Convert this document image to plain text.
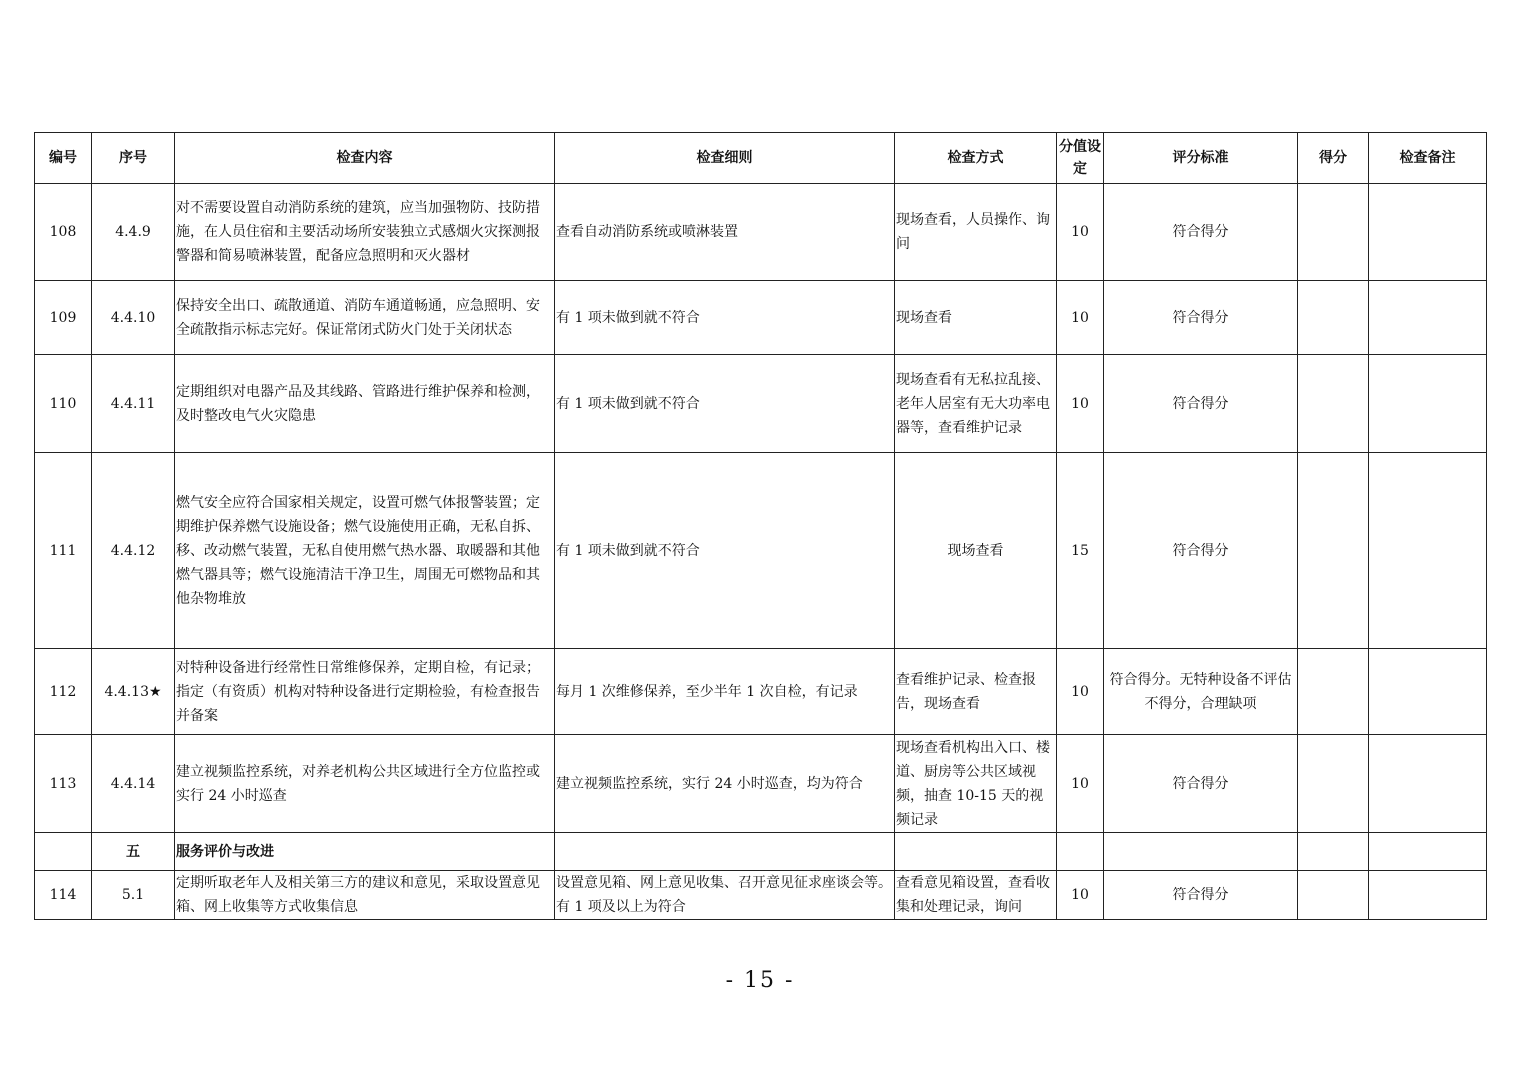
编号	序号	检查内容	检查细则	检查方式	分值设定	评分标准	得分	检查备注
108	4.4.9	对不需要设置自动消防系统的建筑，应当加强物防、技防措施，在人员住宿和主要活动场所安装独立式感烟火灾探测报警器和简易喷淋装置，配备应急照明和灭火器材	查看自动消防系统或喷淋装置	现场查看，人员操作、询问	10	符合得分		
109	4.4.10	保持安全出口、疏散通道、消防车通道畅通，应急照明、安全疏散指示标志完好。保证常闭式防火门处于关闭状态	有 1 项未做到就不符合	现场查看	10	符合得分		
110	4.4.11	定期组织对电器产品及其线路、管路进行维护保养和检测，及时整改电气火灾隐患	有 1 项未做到就不符合	现场查看有无私拉乱接、老年人居室有无大功率电器等，查看维护记录	10	符合得分		
111	4.4.12	燃气安全应符合国家相关规定，设置可燃气体报警装置；定期维护保养燃气设施设备；燃气设施使用正确，无私自拆、移、改动燃气装置，无私自使用燃气热水器、取暖器和其他燃气器具等；燃气设施清洁干净卫生，周围无可燃物品和其他杂物堆放	有 1 项未做到就不符合	现场查看	15	符合得分		
112	4.4.13★	对特种设备进行经常性日常维修保养，定期自检，有记录；指定（有资质）机构对特种设备进行定期检验，有检查报告并备案	每月 1 次维修保养，至少半年 1 次自检，有记录	查看维护记录、检查报告，现场查看	10	符合得分。无特种设备不评估不得分，合理缺项		
113	4.4.14	建立视频监控系统，对养老机构公共区域进行全方位监控或实行 24 小时巡查	建立视频监控系统，实行 24 小时巡查，均为符合	现场查看机构出入口、楼道、厨房等公共区域视频，抽查 10-15 天的视频记录	10	符合得分		
	五	服务评价与改进						
114	5.1	定期听取老年人及相关第三方的建议和意见，采取设置意见箱、网上收集等方式收集信息	设置意见箱、网上意见收集、召开意见征求座谈会等。有 1 项及以上为符合	查看意见箱设置，查看收集和处理记录，询问	10	符合得分		
- 15 -
